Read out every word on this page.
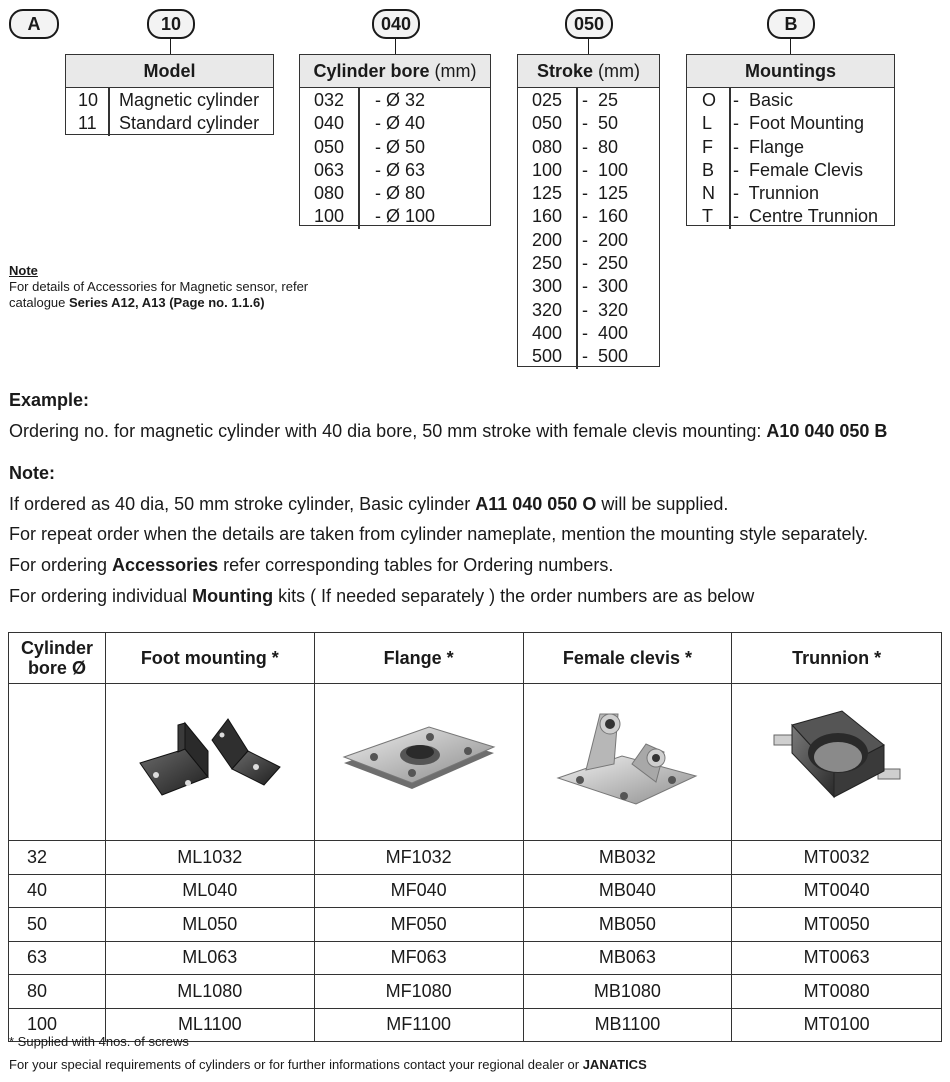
A	10	040	050	B
Model
10 Magnetic cylinder
11 Standard cylinder
Cylinder bore (mm)
032 - Ø 32
040 - Ø 40
050 - Ø 50
063 - Ø 63
080 - Ø 80
100 - Ø 100
Stroke (mm)
025 -  25
050 -  50
080 -  80
100 -  100
125 -  125
160 -  160
200 -  200
250 -  250
300 -  300
320 -  320
400 -  400
500 -  500
Mountings
O -  Basic
L -  Foot Mounting
F -  Flange
B -  Female Clevis
N -  Trunnion
T -  Centre Trunnion
Note
For details of Accessories for Magnetic sensor, refer
catalogue Series A12, A13 (Page no. 1.1.6)
Example:
Ordering no. for magnetic cylinder with 40 dia bore, 50 mm stroke with female clevis mounting: A10 040 050 B
Note:
If ordered as 40 dia, 50 mm stroke cylinder, Basic cylinder A11 040 050 O will be supplied.
For repeat order when the details are taken from cylinder nameplate, mention the mounting style separately.
For ordering Accessories refer corresponding tables for Ordering numbers.
For ordering individual Mounting kits ( If needed separately ) the order numbers are as below
Cylinder
bore Ø	Foot mounting *	Flange *	Female clevis *	Trunnion *

32	ML1032	MF1032	MB032	MT0032
40	ML040	MF040	MB040	MT0040
50	ML050	MF050	MB050	MT0050
63	ML063	MF063	MB063	MT0063
80	ML1080	MF1080	MB1080	MT0080
100	ML1100	MF1100	MB1100	MT0100
* Supplied with 4nos. of screws
For your special requirements of cylinders or for further informations contact your regional dealer or JANATICS
